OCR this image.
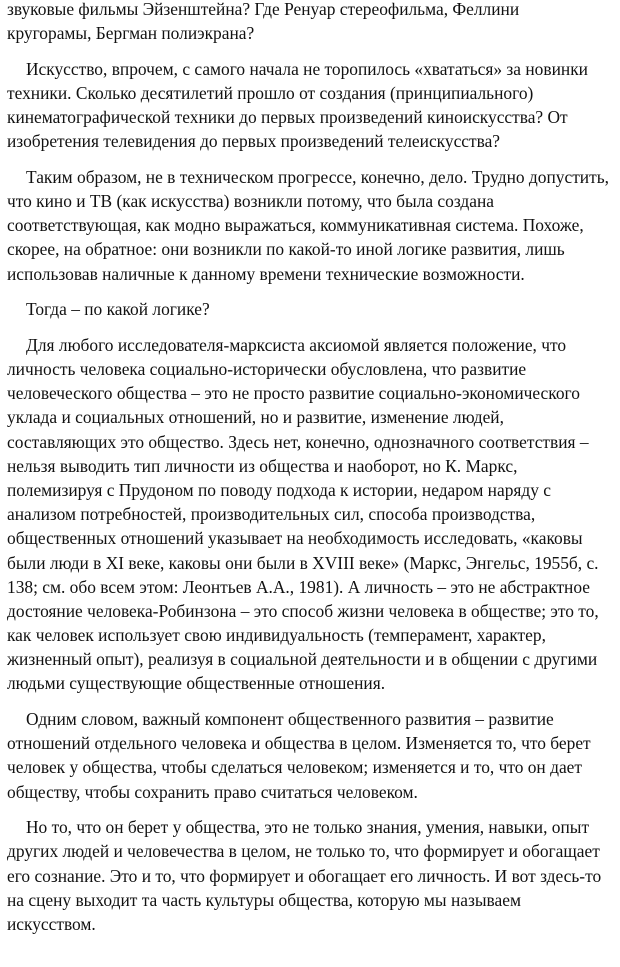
звуковые фильмы Эйзенштейна? Где Ренуар стереофильма, Феллини
кругорамы, Бергман полиэкрана?
Искусство, впрочем, с самого начала не торопилось «хвататься» за новинки
техники. Сколько десятилетий прошло от создания (принципиального)
кинематографической техники до первых произведений киноискусства? От
изобретения телевидения до первых произведений телеискусства?
Таким образом, не в техническом прогрессе, конечно, дело. Трудно допустить,
что кино и ТВ (как искусства) возникли потому, что была создана
соответствующая, как модно выражаться, коммуникативная система. Похоже,
скорее, на обратное: они возникли по какой-то иной логике развития, лишь
использовав наличные к данному времени технические возможности.
Тогда – по какой логике?
Для любого исследователя-марксиста аксиомой является положение, что
личность человека социально-исторически обусловлена, что развитие
человеческого общества – это не просто развитие социально-экономического
уклада и социальных отношений, но и развитие, изменение людей,
составляющих это общество. Здесь нет, конечно, однозначного соответствия –
нельзя выводить тип личности из общества и наоборот, но К. Маркс,
полемизируя с Прудоном по поводу подхода к истории, недаром наряду с
анализом потребностей, производительных сил, способа производства,
общественных отношений указывает на необходимость исследовать, «каковы
были люди в XI веке, каковы они были в XVIII веке» (Маркс, Энгельс, 1955б, с.
138; см. обо всем этом: Леонтьев А.А., 1981). А личность – это не абстрактное
достояние человека-Робинзона – это способ жизни человека в обществе; это то,
как человек использует свою индивидуальность (темперамент, характер,
жизненный опыт), реализуя в социальной деятельности и в общении с другими
людьми существующие общественные отношения.
Одним словом, важный компонент общественного развития – развитие
отношений отдельного человека и общества в целом. Изменяется то, что берет
человек у общества, чтобы сделаться человеком; изменяется и то, что он дает
обществу, чтобы сохранить право считаться человеком.
Но то, что он берет у общества, это не только знания, умения, навыки, опыт
других людей и человечества в целом, не только то, что формирует и обогащает
его сознание. Это и то, что формирует и обогащает его личность. И вот здесь-то
на сцену выходит та часть культуры общества, которую мы называем
искусством.
